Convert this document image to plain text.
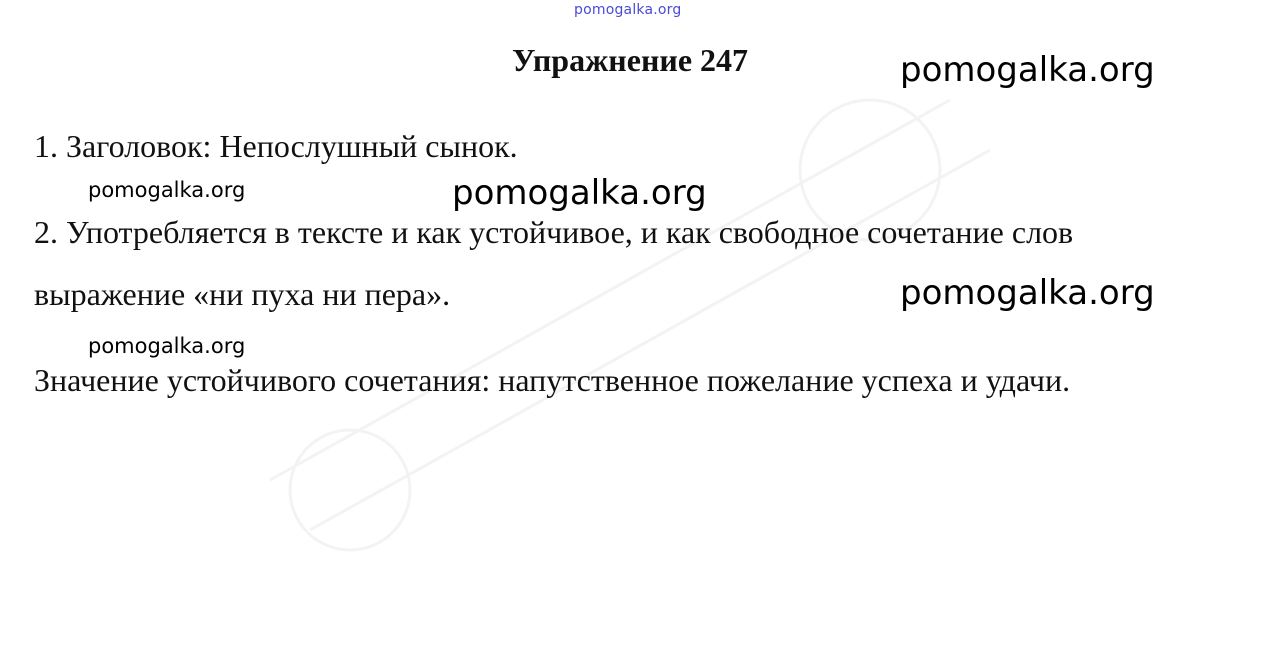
pomogalka.org
Упражнение 247	pomogalka.org
1. Заголовок: Непослушный сынок.
pomogalka.org	pomogalka.org
2. Употребляется в тексте и как устойчивое, и как свободное сочетание слов
выражение «ни пуха ни пера».	pomogalka.org
pomogalka.org
Значение устойчивого сочетания: напутственное пожелание успеха и удачи.
